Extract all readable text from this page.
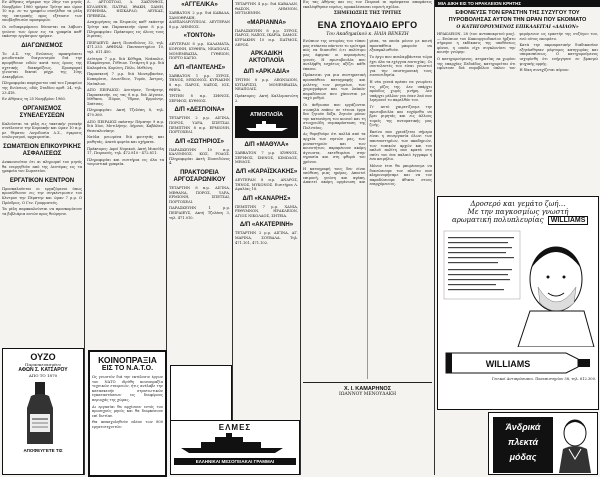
Εν Αθήναις σήμερον την 28ην του μηνός Νοεμβρίου 1960 ημέραν Τρίτην και ώραν 10 π.μ. εν τω γραφείω συνήλθον τα μέλη της επιτροπής προς εξέτασιν των υποβληθεισών προσφορών.

Οι ενδιαφερόμενοι δύνανται να λάβωσι γνώσιν των όρων εις τα γραφεία καθ' εκάστην εργάσιμον ημέραν.

ΔΙΑΓΩΝΙΣΜΟΣ

Το Δ.Σ. της Ενώσεως προκηρύσσει μειοδοτικόν διαγωνισμόν διά την προμήθειαν ειδών κατά τους όρους της σχετικής διακηρύξεως. Προσφοραί γίνονται δεκταί μέχρι της 10ης Δεκεμβρίου.

Πληροφορίαι παρέχονται υπό του Γραφείου της Ενώσεως, οδός Σταδίου αριθ. 24, τηλ. 23.418.

Εν Αθήναις τη 25 Νοεμβρίου 1960.

ΟΡΓΑΝΙΣΜΟΣ ΣΥΝΕΛΕΥΣΕΩΝ

Καλούνται τα μέλη εις τακτικήν γενικήν συνέλευσιν την Κυριακήν και ώραν 10 π.μ. με θέματα: Λογοδοσία Δ.Σ., έγκρισις ισολογισμού, αρχαιρεσίαι.

ΣΩΜΑΤΕΙΟΝ ΕΠΙΚΟΥΡΙΚΗΣ ΑΣΦΑΛΙΣΕΩΣ

Ανακοινούται ότι αι πληρωμαί του μηνός θα ενεργηθούν από της Δευτέρας εις τα γραφεία του Σωματείου.

ΕΡΓΑΤΙΚΟΝ ΚΕΝΤΡΟΝ

Προσκαλούνται οι εργαζόμενοι όπως προσέλθωσιν εις την συγκέντρωσιν του Κέντρου την Πέμπτην και ώραν 7 μ.μ. Ο Πρόεδρος. Ο Γεν. Γραμματεύς.

Τα μέλη παρακαλούνται να προσκομίσουν τα βιβλιάρια αυτών προς θεώρησιν.

ΟΥΖΟ
Παρασκευασμένο
ΑΦΩΝ Σ. ΚΑΤΣΑΡΟΥ
ΑΠΟ ΤΟ 1870
ΑΠΟΦΕΥΓΕΤΕ ΤΙΣ

Λ. ΑΡΓΟΣΤΟΛΙ, Λ. ΖΑΚΥΝΘΟΣ, ΚΥΛΛΗΝΗ, ΠΑΤΡΑΙ, ΙΘΑΚΗ, ΣΑΜΗ, ΕΥΦΗΜΙΑ, ΦΙΣΚΑΡΔΟ, ΛΕΥΚΑΣ, ΠΡΕΒΕΖΑ.

Αναχωρήσεις εκ Πειραιώς καθ' εκάστην Τρίτην και Παρασκευήν ώραν 8 μ.μ. Πληροφορίαι: Πράκτορες εις όλους τους λιμένας.

ΠΕΙΡΑΙΕΥΣ: Ακτή Ποσειδώνος 32, τηλ. 471.233. ΑΘΗΝΑΙ: Πανεπιστημίου 10, τηλ. 611.450.

Δεύτερα 7 μ.μ. διά Κύθηρα, Νεάπολιν, Ελαφόνησον, Γύθειον. Τετάρτη 8 μ.μ. διά Καλαμάτα, Κορώνη, Πύλο, Μεθώνη.

Παρασκευή 7 μ.μ. διά Μονεμβασίαν, Κυπαρίσσι, Λεωνίδιον, Τυρόν, Άστρος, Ναύπλιον.

ΑΠΟ ΠΕΙΡΑΙΩΣ: Δευτέραν, Τετάρτην, Παρασκευήν, εις τας 8 π.μ. διά Αίγιναν, Μέθανα, Πόρον, Ύδραν, Ερμιόνην, Σπέτσας.

Πληροφορίαι: Ακτή Τζελέπη 8, τηλ. 470.360.

ΑΠΟ ΠΕΙΡΑΙΩΣ εκάστην Πέμπτην 9 π.μ. διά Χίον, Μυτιλήνην, Λήμνον, Καβάλαν, Θεσσαλονίκην.

Ναύλα μειωμένα διά φοιτητάς και μαθητάς. Δεκτά φορτία και οχήματα.

Πράκτορες: Αφοί Νομικού, Ακτή Μιαούλη 17, Πειραιεύς, τηλ. 472.810 - 472.811.

Πληροφορίαι και εισιτήρια εις όλα τα τουριστικά γραφεία.

ΚΟΙΝΟΠΡΑΞΙΑ
ΕΙΣ ΤΟ Ν.Α.Τ.Ο.

Ως γνωστόν διά την εκτέλεσιν έργων του ΝΑΤΟ ιδρύθη κοινοπραξία τεχνικών εταιρειών, ήτις ανέλαβε την κατασκευήν στρατιωτικών εγκαταστάσεων εις διαφόρους περιοχάς της χώρας.

Αι εργασίαι θα αρχίσουν εντός του προσεχούς μηνός και θα διαρκέσουν επί διετίαν.

Θα απασχοληθούν πλέον των 800 εργατοτεχνιτών.

«ΑΓΓΕΛΙΚΑ»

ΣΑΒΒΑΤΟΝ 2 μ.μ. διά ΚΑΒΑΛΑ, ΣΑΜΟΘΡΑΚΗ, ΑΛΕΞΑΝΔΡΟΥΠΟΛΙ. ΔΕΥΤΕΡΑΝ 8 μ.μ. ΛΗΜΝΟΣ.

«ΤΟΝΤΟΝ»

ΔΕΥΤΕΡΑΝ 8 μ.μ. ΚΑΛΑΜΑΤΑ, ΚΟΡΩΝΗ, ΚΥΘΗΡΑ, ΝΕΑΠΟΛΙΣ, ΜΟΝΕΜΒΑΣΙΑ, ΓΥΘΕΙΟΝ, ΠΟΡΤΟ ΚΑΓΙΟ.

Δ/Π «ΠΑΝΤΕΛΗΣ»

ΣΑΒΒΑΤΟΝ 1 μ.μ. ΣΥΡΟΣ, ΤΗΝΟΣ, ΜΥΚΟΝΟΣ. ΚΥΡΙΑΚΗΝ 8 π.μ. ΠΑΡΟΣ, ΝΑΞΟΣ, ΙΟΣ, ΘΗΡΑ.

ΤΡΙΤΗΝ 8 π.μ. ΣΙΦΝΟΣ, ΣΕΡΙΦΟΣ, ΚΥΘΝΟΣ.

Δ/Π «ΔΕΣΠΟΙΝΑ»

ΤΕΤΑΡΤΗΝ 2 μ.μ. ΑΙΓΙΝΑ, ΠΟΡΟΣ, ΥΔΡΑ, ΣΠΕΤΣΑΙ. ΠΕΜΠΤΗΝ 8 π.μ. ΕΡΜΙΟΝΗ, ΠΟΡΤΟΧΕΛΙ.

Δ/Π «ΣΩΤΗΡΙΟΣ»

ΠΑΡΑΣΚΕΥΗΝ 10 π.μ. ΚΑΛΥΜΝΟΣ, ΚΩΣ, ΡΟΔΟΣ. Πληροφορίαι Ακτή Ποσειδώνος 4.

ΠΡΑΚΤΟΡΕΙΑ ΑΡΓΟΣΑΡΩΝΙΚΟΥ

ΤΕΤΑΡΤΗΝ 8 π.μ. ΑΙΓΙΝΑ, ΜΕΘΑΝΑ, ΠΟΡΟΣ, ΥΔΡΑ, ΕΡΜΙΟΝΗ, ΣΠΕΤΣΑΙ, ΠΟΡΤΟΧΕΛΙ.

ΠΑΡΑΣΚΕΥΗΝ 1 μ.μ. ΠΕΙΡΑΙΕΥΣ, Ακτή Τζελέπη 3, τηλ. 471.010.

ΒΙΕΝΝΗ-ΜΟΝΑΧΟΝ
ΕΚΔΡΟΜΗ
22/12/60 - 5/1/61
ΑΤΛΑΣ-ΚΟΡΑΗ 4
ΑΘΗΝΑΙ-ΤΗΛ. 28-609-74-93

ΤΕΤΑΡΤΗΝ 4 μ.μ. διά ΚΑΒΑΛΑΝ, ΘΑΣΟΝ, ΛΗΜΝΟΝ, ΜΥΤΙΛΗΝΗΝ.

«ΜΑΡΙΑΝΝΑ»

ΠΑΡΑΣΚΕΥΗΝ 8 μ.μ. ΣΥΡΟΣ, ΠΑΡΟΣ, ΝΑΞΟΣ, ΙΚΑΡΙΑ, ΣΑΜΟΣ. ΚΥΡΙΑΚΗΝ 10 π.μ. ΠΑΤΜΟΣ, ΛΕΡΟΣ.

ΑΡΚΑΔΙΚΗ ΑΚΤΟΠΛΟΪΑ
Δ/Π «ΑΡΚΑΔΙΑ»

ΤΡΙΤΗΝ 8 μ.μ. ΛΕΩΝΙΔΙΟΝ, ΚΥΠΑΡΙΣΣΙ, ΜΟΝΕΜΒΑΣΙΑ, ΝΕΑΠΟΛΙΣ.

Πράκτορες: Ακτή Καλλιμασιώτη 2.

ΑΤΜΟΠΛΟΪΑ
Δ/Π «ΜΑΘΥΛΑ»

ΣΑΒΒΑΤΟΝ 7 μ.μ. ΚΥΘΝΟΣ, ΣΕΡΙΦΟΣ, ΣΙΦΝΟΣ, ΚΙΜΩΛΟΣ, ΜΗΛΟΣ.

Δ/Π «ΚΑΡΑΪΣΚΑΚΗΣ»

ΔΕΥΤΕΡΑΝ 8 π.μ. ΑΝΔΡΟΣ, ΤΗΝΟΣ, ΜΥΚΟΝΟΣ. Εισιτήρια Λ. Αμαλίας 18.

Δ/Π «ΚΑΝΑΡΗΣ»

ΠΕΜΠΤΗΝ 7 μ.μ. ΧΑΝΙΑ, ΡΕΘΥΜΝΟΝ, ΗΡΑΚΛΕΙΟΝ, ΑΓΙΟΣ ΝΙΚΟΛΑΟΣ, ΣΗΤΕΙΑ.

Δ/Π «ΑΚΑΤΕΡΙΝΗ»

ΤΕΤΑΡΤΗΝ 2 μ.μ. ΑΙΓΙΝΑ, ΑΓ. ΜΑΡΙΝΑ, ΣΟΥΒΑΛΑ. Τηλ. 471.101, 471.102.

ΕΛΜΕΣ
ΕΛΛΗΝΙΚΑΙ ΜΕΣΟΓΕΙΑΚΑΙ ΓΡΑΜΜΑΙ

Εις τας Αθήνας και εις τον Πειραιά αι πρόσφαται αποφάσεις εκαλύφθησαν ευρέως, προκαλέσασαι ευμενή σχόλια.

ΣΗΜΕΙΩΣΕΙΣ ΤΗΣ ΤΡΙΤΗΣ
ΕΝΑ ΣΠΟΥΔΑΙΟ ΕΡΓΟ
Του Ακαδημαϊκού κ. ΗΛΙΑ ΒΕΝΕΖΗ

Ενώπιον της ιστορίας του τόπου μας στέκεται πάντοτε το ερώτημα πώς να διασωθεί ό,τι πολύτιμο μας άφησαν οι περασμένες γενεές. Η πρωτοβουλία που ανελήφθη εσχάτως αξίζει κάθε έπαινο.

Πρόκειται για μια συστηματική προσπάθεια καταγραφής και μελέτης των μνημείων, των χειρογράφων και των λαϊκών παραδόσεων που χάνονται με ταχύ ρυθμό.

Οι άνθρωποι που εργάζονται σιωπηλά επάνω σε τέτοια έργα δεν ζητούν δόξα. Ζητούν μόνον την κατανόηση του κοινού και τη στοιχειώδη συμπαράσταση της Πολιτείας.

Ας θυμηθούμε ότι πολλά από τα αρχεία των νησιών μας, των μοναστηριών και των κοινοτήτων, παραμένουν ακόμη άγνωστα, εκτεθειμένα στην υγρασία και στη φθορά του χρόνου.

Η καταγραφή τους δεν είναι υπόθεση μιας ημέρας. Απαιτεί επιμονή, γνώση και αγάπη. Απαιτεί ακόμη οργάνωση και μέσα, τα οποία μόνον με κοινή προσπάθεια μπορούν να εξασφαλισθούν.

Το έργο που αναλαμβάνεται τώρα έχει όλα τα εχέγγυα επιτυχίας. Οι συντελεστές του είναι γνωστοί για την επιστημονική τους ευσυνειδησία.

Η νέα γενεά πρέπει να γνωρίσει τις ρίζες της. Δεν υπάρχει πρόοδος χωρίς μνήμη. Δεν υπάρχει μέλλον για έναν λαό που λησμονεί το παρελθόν του.

Γι' αυτό χαιρετίζουμε την πρωτοβουλία και ευχόμεθα να βρει μιμητάς και εις άλλους τομείς της πνευματικής μας ζωής.

Εκείνο που χρειάζεται σήμερα είναι η συνεργασία όλων: των πανεπιστημίων, των ακαδημιών, των τοπικών αρχών και του απλού πολίτη που κρατά στο σπίτι του ένα παλαιό έγγραφο ή ένα κειμήλιο.

Μόνον έτσι θα μπορέσουμε να διασώσουμε τον πλούτο που κληρονομήσαμε και να τον παραδώσουμε άθικτο στους επερχόμενους.

Χ. Ι. ΚΑΜΑΡΗΝΟΣ
ΙΩΑΝΝΟΥ ΜΕΝΟΥΔΑΚΗ
ΜΙΑ ΔΙΚΗ ΕΙΣ ΤΟ ΗΡΑΚΛΕΙΟΝ ΚΡΗΤΗΣ
ΕΦΟΝΕΥΣΕ ΤΟΝ ΕΡΑΣΤΗΝ ΤΗΣ ΣΥΖΥΓΟΥ ΤΟΥ
ΠΥΡΟΒΟΛΗΣΑΣ ΑΥΤΟΝ ΤΗΝ ΩΡΑΝ ΠΟΥ ΕΚΟΙΜΑΤΟ
Ο ΚΑΤΗΓΟΡΟΥΜΕΝΟΣ ΕΠΙΚΑΛΕΙΤΑΙ «ΔΑΙΛΟΝ»

ΗΡΑΚΛΕΙΟΝ, 28 (του ανταποκριτού μας). — Ενώπιον του Κακουργιοδικείου ήρξατο σήμερον η εκδίκασις της υποθέσεως φόνου, η οποία είχε συγκλονίσει την κοινήν γνώμην.

Ο κατηγορούμενος, κτηματίας εκ χωρίου της επαρχίας Πεδιάδος, κατηγορείται ότι εφόνευσε διά πυροβόλου όπλου τον φερόμενον ως εραστήν της συζύγου του, ενώ ούτος εκοιμάτο.

Κατά την ακροαματικήν διαδικασίαν εξητάσθησαν μάρτυρες κατηγορίας και υπερασπίσεως. Ο κατηγορούμενος ισχυρίσθη ότι ενήργησεν εν βρασμώ ψυχικής ορμής.

Η δίκη συνεχίζεται αύριον.

Δροσερό και γεμάτο ζωή…
Με την παγκοσμίως γνωστή
αρωματική πολυπλευρίας WILLIAMS
WILLIAMS

Γενικοί Αντιπρόσωποι. Πανεπιστημίου 38, τηλ. 612.300.

Άνδρικά
πλεκτά
μόδας
